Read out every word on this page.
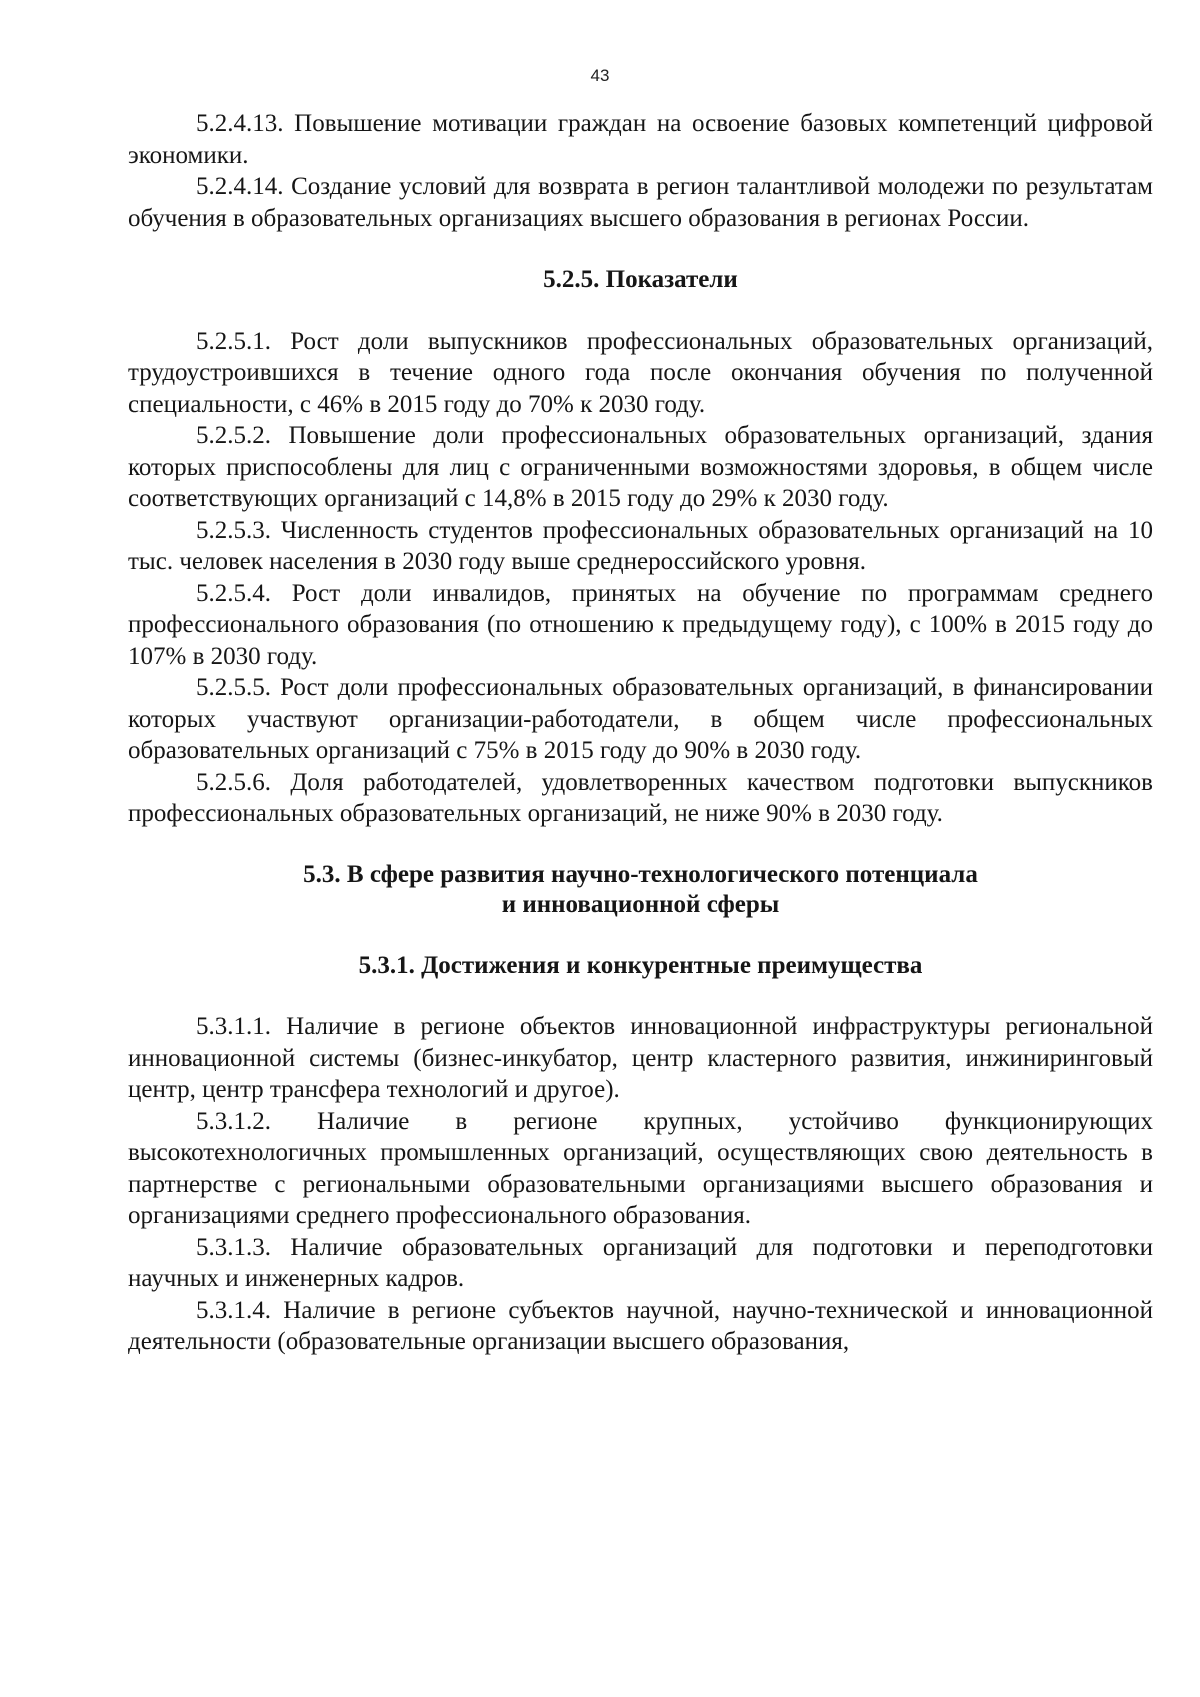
43

5.2.4.13. Повышение мотивации граждан на освоение базовых компетенций цифровой экономики.

5.2.4.14. Создание условий для возврата в регион талантливой молодежи по результатам обучения в образовательных организациях высшего образования в регионах России.

5.2.5. Показатели

5.2.5.1. Рост доли выпускников профессиональных образовательных организаций, трудоустроившихся в течение одного года после окончания обучения по полученной специальности, с 46% в 2015 году до 70% к 2030 году.

5.2.5.2. Повышение доли профессиональных образовательных организаций, здания которых приспособлены для лиц с ограниченными возможностями здоровья, в общем числе соответствующих организаций с 14,8% в 2015 году до 29% к 2030 году.

5.2.5.3. Численность студентов профессиональных образовательных организаций на 10 тыс. человек населения в 2030 году выше среднероссийского уровня.

5.2.5.4. Рост доли инвалидов, принятых на обучение по программам среднего профессионального образования (по отношению к предыдущему году), с 100% в 2015 году до 107% в 2030 году.

5.2.5.5. Рост доли профессиональных образовательных организаций, в финансировании которых участвуют организации-работодатели, в общем числе профессиональных образовательных организаций с 75% в 2015 году до 90% в 2030 году.

5.2.5.6. Доля работодателей, удовлетворенных качеством подготовки выпускников профессиональных образовательных организаций, не ниже 90% в 2030 году.

5.3. В сфере развития научно-технологического потенциала
и инновационной сферы

5.3.1. Достижения и конкурентные преимущества

5.3.1.1. Наличие в регионе объектов инновационной инфраструктуры региональной инновационной системы (бизнес-инкубатор, центр кластерного развития, инжиниринговый центр, центр трансфера технологий и другое).

5.3.1.2. Наличие в регионе крупных, устойчиво функционирующих высокотехнологичных промышленных организаций, осуществляющих свою деятельность в партнерстве с региональными образовательными организациями высшего образования и организациями среднего профессионального образования.

5.3.1.3. Наличие образовательных организаций для подготовки и переподготовки научных и инженерных кадров.

5.3.1.4. Наличие в регионе субъектов научной, научно-технической и инновационной деятельности (образовательные организации высшего образования,
